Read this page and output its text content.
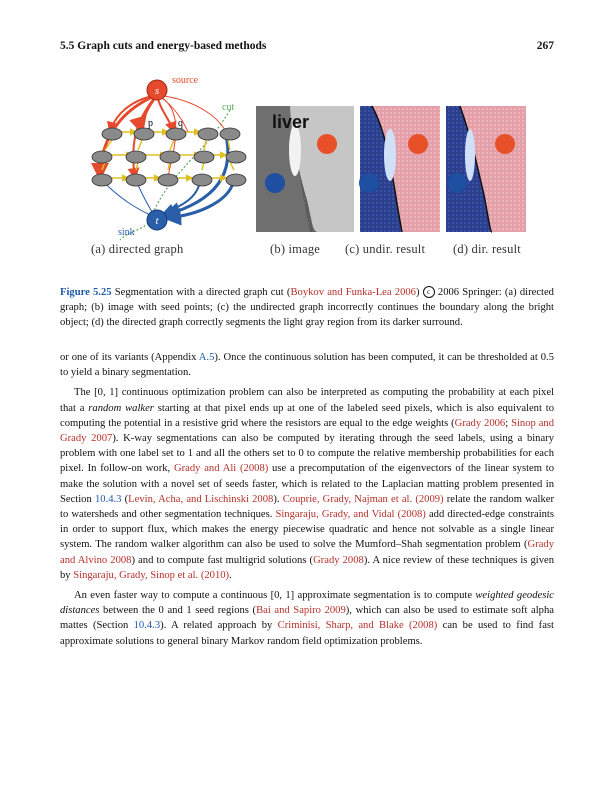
5.5 Graph cuts and energy-based methods	267
s
source
cut
p	q
t
sink
liver
(a) directed graph	(b) image (c) undir. result (d) dir. result
Figure 5.25 Segmentation with a directed graph cut (Boykov and Funka-Lea 2006) c 2006 Springer: (a) directed graph; (b) image with seed points; (c) the undirected graph incorrectly continues the boundary along the bright object; (d) the directed graph correctly segments the light gray region from its darker surround.

or one of its variants (Appendix A.5). Once the continuous solution has been computed, it can be thresholded at 0.5 to yield a binary segmentation.

The [0, 1] continuous optimization problem can also be interpreted as computing the probability at each pixel that a random walker starting at that pixel ends up at one of the labeled seed pixels, which is also equivalent to computing the potential in a resistive grid where the resistors are equal to the edge weights (Grady 2006; Sinop and Grady 2007). K-way segmentations can also be computed by iterating through the seed labels, using a binary problem with one label set to 1 and all the others set to 0 to compute the relative membership probabilities for each pixel. In follow-on work, Grady and Ali (2008) use a precomputation of the eigenvectors of the linear system to make the solution with a novel set of seeds faster, which is related to the Laplacian matting problem presented in Section 10.4.3 (Levin, Acha, and Lischinski 2008). Couprie, Grady, Najman et al. (2009) relate the random walker to watersheds and other segmentation techniques. Singaraju, Grady, and Vidal (2008) add directed-edge constraints in order to support flux, which makes the energy piecewise quadratic and hence not solvable as a single linear system. The random walker algorithm can also be used to solve the Mumford–Shah segmentation problem (Grady and Alvino 2008) and to compute fast multigrid solutions (Grady 2008). A nice review of these techniques is given by Singaraju, Grady, Sinop et al. (2010).

An even faster way to compute a continuous [0, 1] approximate segmentation is to compute weighted geodesic distances between the 0 and 1 seed regions (Bai and Sapiro 2009), which can also be used to estimate soft alpha mattes (Section 10.4.3). A related approach by Criminisi, Sharp, and Blake (2008) can be used to find fast approximate solutions to general binary Markov random field optimization problems.
